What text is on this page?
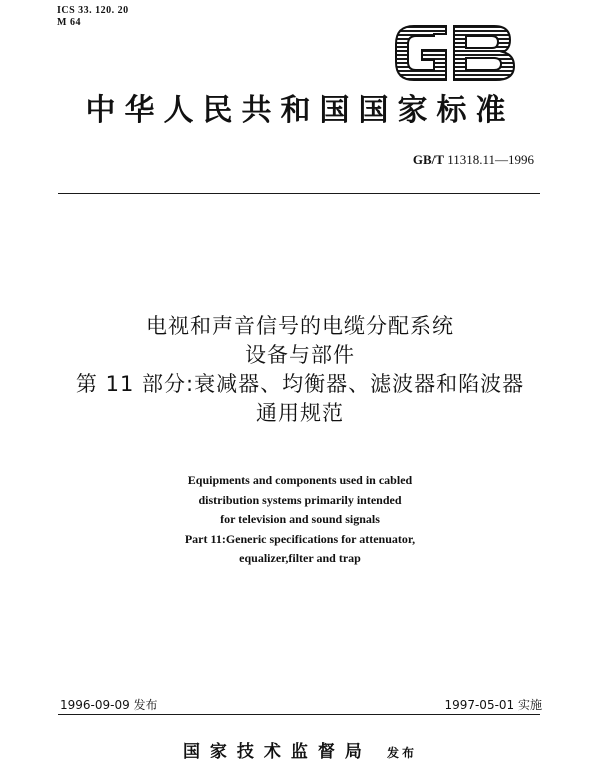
ICS 33. 120. 20
M 64
中华人民共和国国家标准
GB/T 11318.11—1996
电视和声音信号的电缆分配系统
设备与部件
第 11 部分:衰减器、均衡器、滤波器和陷波器
通用规范
Equipments and components used in cabled
distribution systems primarily intended
for television and sound signals
Part 11:Generic specifications for attenuator,
equalizer,filter and trap
1996-09-09 发布	1997-05-01 实施
国家技术监督局 发布
